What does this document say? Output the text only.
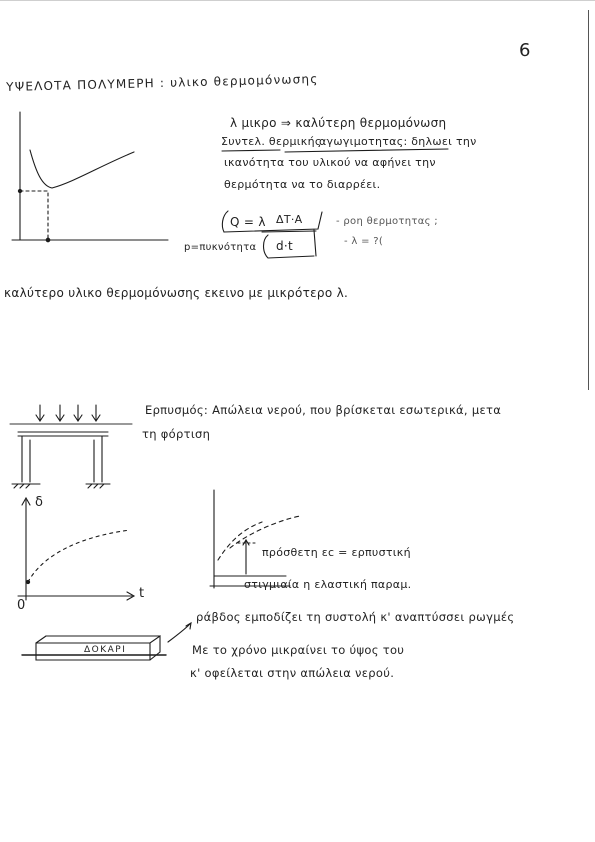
6
ΥΨΕΛΟΤΑ ΠΟΛΥΜΕΡΗ : υλικο θερμομόνωσης
λ μικρο ⇒ καλύτερη θερμομόνωση
Συντελ. θερμικής
αγωγιμοτητας: δηλωει την
ικανότητα του υλικού να αφήνει την
θερμότητα να το διαρρέει.
Q = λ ΔT·A
d·t
- ροη θερμοτητας ;
- λ = ?(
p=πυκνότητα
καλύτερο υλικο θερμομόνωσης εκεινο με μικρότερο λ.
Ερπυσμός: Απώλεια νερού, που βρίσκεται εσωτερικά, μετα
τη φόρτιση
δ
0
t
πρόσθετη εc = ερπυστική
στιγμιαία η ελαστική παραμ.
ΔΟΚΑΡΙ
ράβδος εμποδίζει τη συστολή κ' αναπτύσσει ρωγμές
Με το χρόνο μικραίνει το ύψος του
κ' οφείλεται στην απώλεια νερού.
